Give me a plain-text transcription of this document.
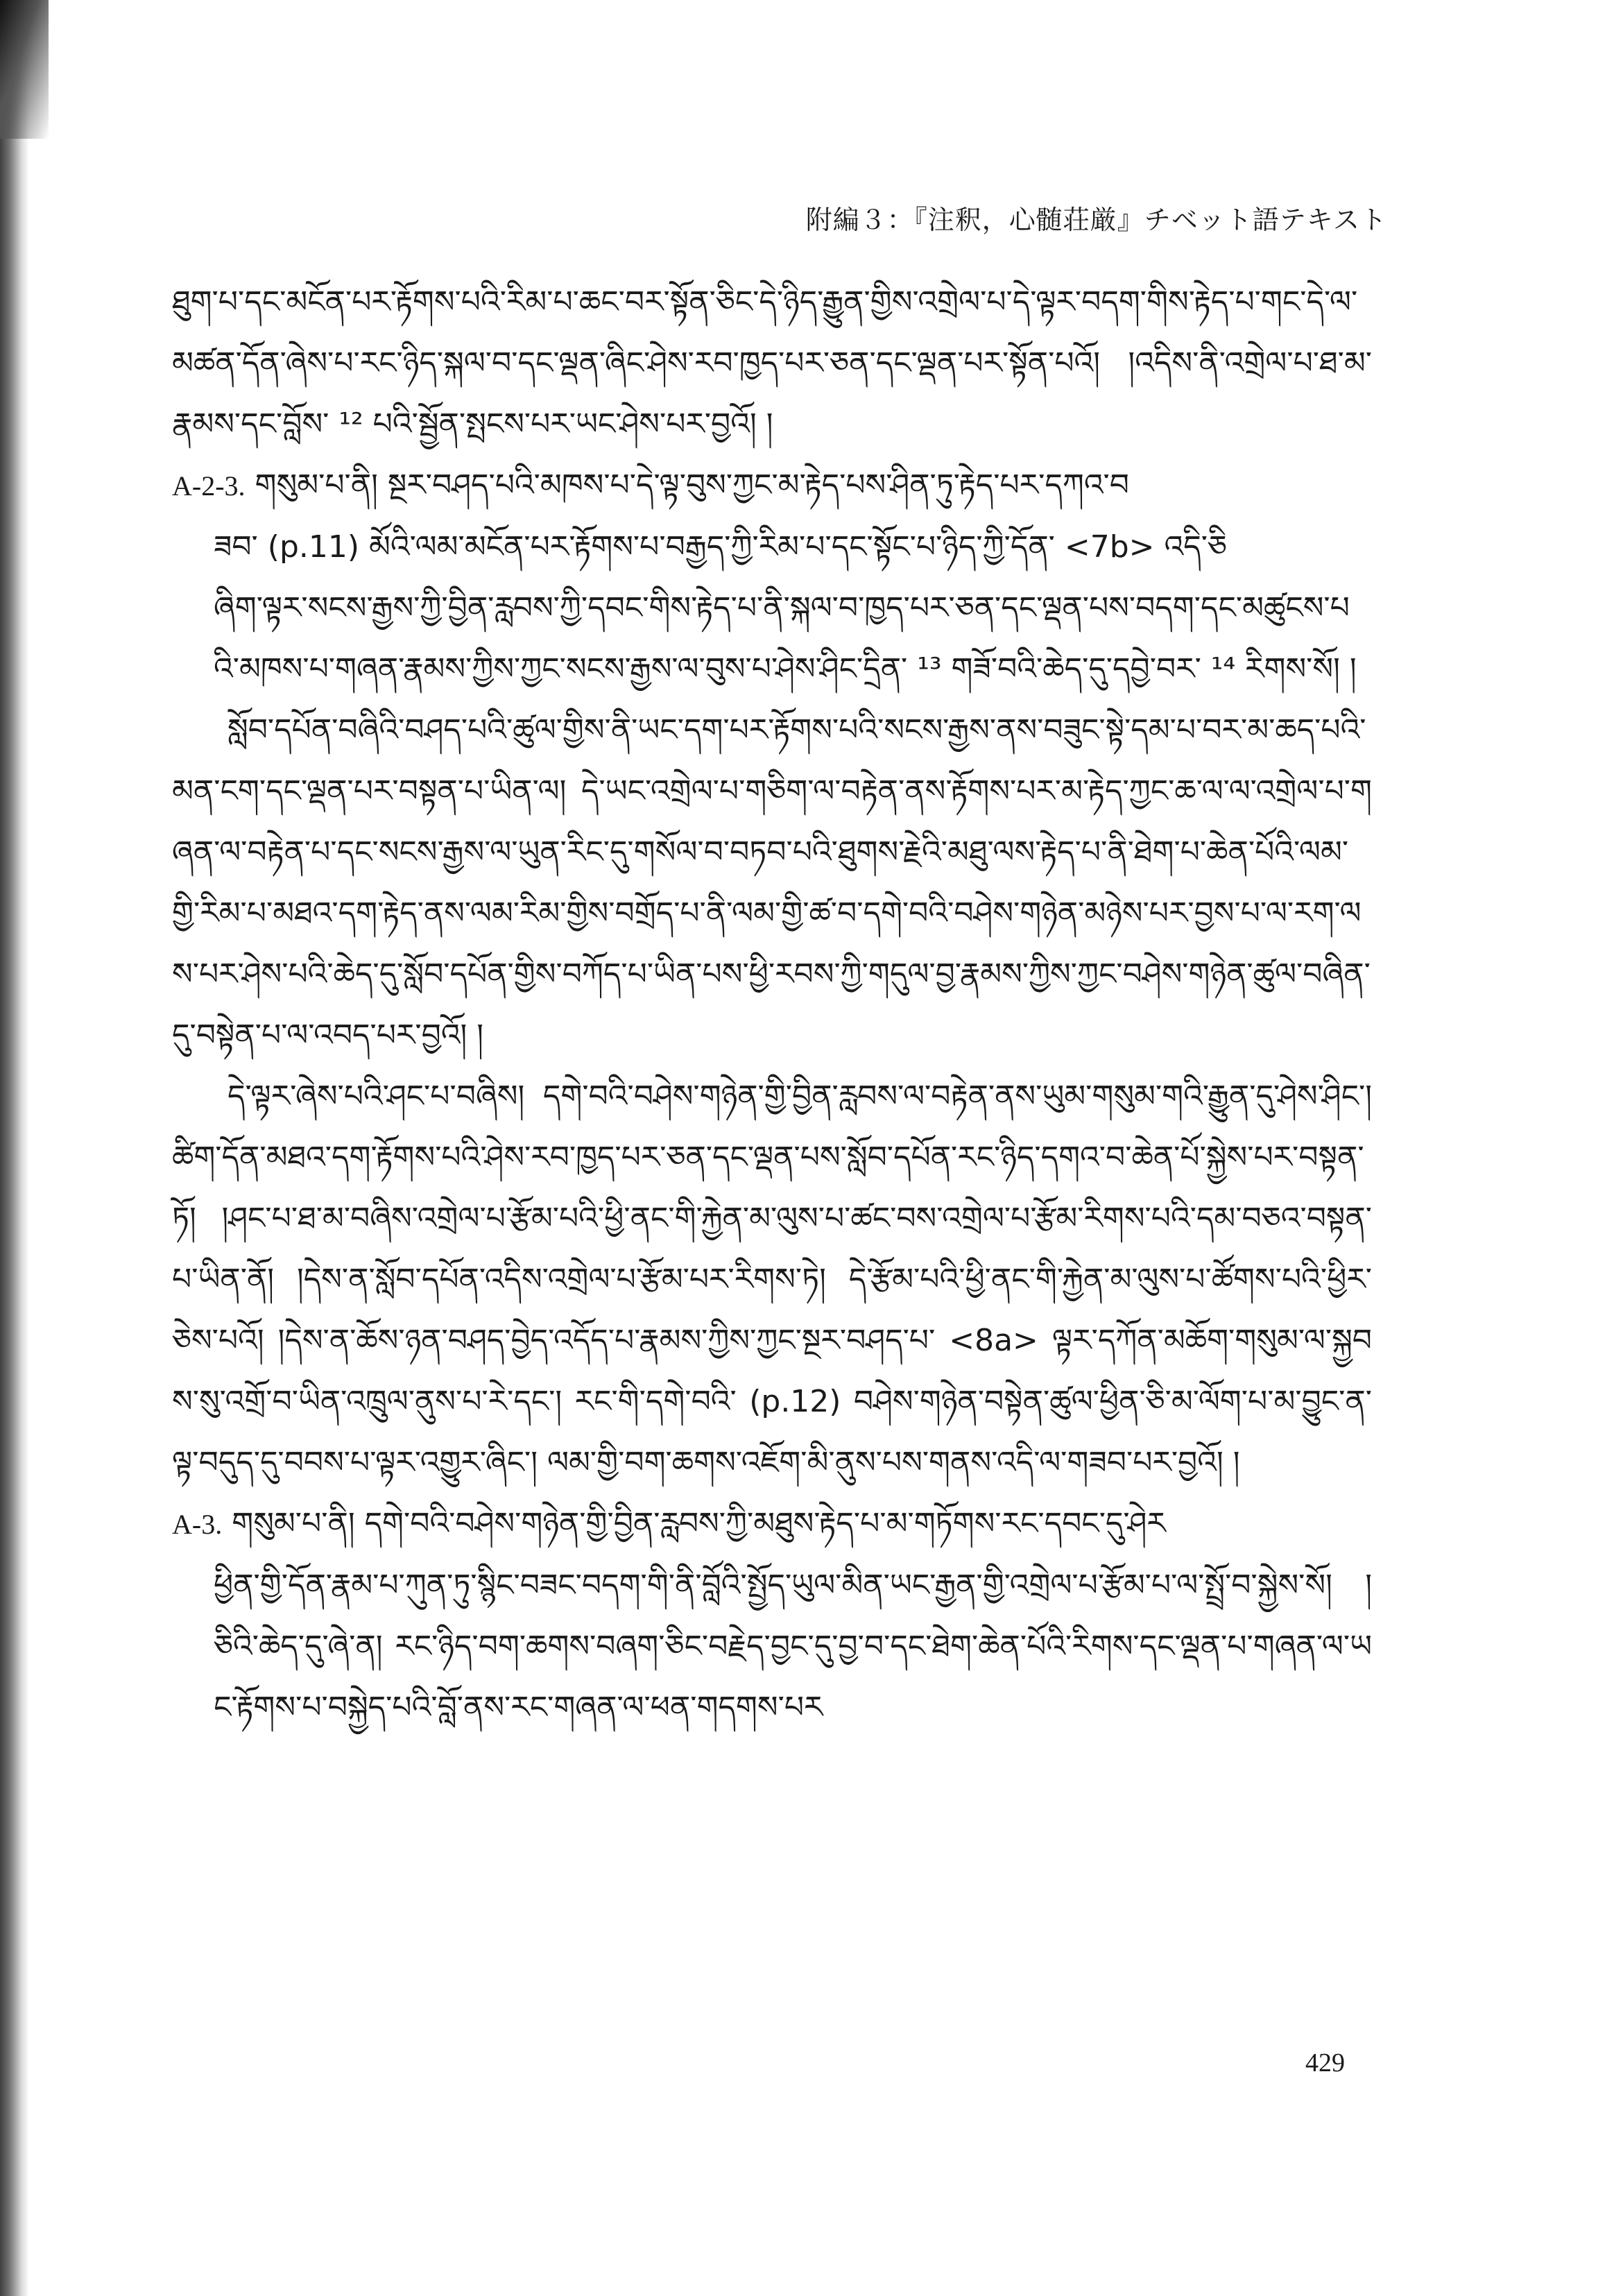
附編３：『注釈，心髄荘厳』チベット語テキスト

ཐུག་པ་དང་མངོན་པར་རྟོགས་པའི་རིམ་པ་ཆང་བར་སྟོན་ཅིང་དེ་ཉིད་རྒྱུན་གྱིས་འགྲེལ་པ་དེ་ལྟར་བདག་གིས་རྟེད་པ་གང་དེ་ལ་མཚན་དོན་ཞེས་པ་རང་ཉིད་སྐལ་བ་དང་ལྡན་ཞིང་ཤེས་རབ་ཁྱད་པར་ཅན་དང་ལྡན་པར་སྟོན་པའོ། །འདིས་ནི་འགྲེལ་པ་ཐ་མ་རྣམས་དང་བློས་ ¹² པའི་སྦྱོན་སྤངས་པར་ཡང་ཤེས་པར་བྱའོ། །

A-2-3. གསུམ་པ་ནི། སྔར་བཤད་པའི་མཁས་པ་དེ་ལྟ་བུས་ཀྱང་མ་རྟེད་པས་ཤིན་ཏུ་རྟེད་པར་དཀའ་བ

ཟབ་ (p.11) མོའི་ལམ་མངོན་པར་རྟོགས་པ་བརྒྱད་ཀྱི་རིམ་པ་དང་སྟོང་པ་ཉིད་ཀྱི་དོན་ <7b> འདི་ཅི

ཞིག་ལྟར་སངས་རྒྱས་ཀྱི་བྱིན་རླབས་ཀྱི་དབང་གིས་རྟེད་པ་ནི་སྐལ་བ་ཁྱད་པར་ཅན་དང་ལྡན་པས་བདག་དང་མཚུངས་པའི་མཁས་པ་གཞན་རྣམས་ཀྱིས་ཀྱང་སངས་རྒྱས་ལ་བུས་པ་ཤེས་ཤིང་དྲིན་ ¹³ གཟོ་བའི་ཆེད་དུ་དབྱེ་བར་ ¹⁴ རིགས་སོ། །

སློབ་དཔོན་བཞིའི་བཤད་པའི་ཚུལ་གྱིས་ནི་ཡང་དག་པར་རྟོགས་པའི་སངས་རྒྱས་ནས་བཟུང་སྟེ་དམ་པ་བར་མ་ཆད་པའི་མན་ངག་དང་ལྡན་པར་བསྟན་པ་ཡིན་ལ། དེ་ཡང་འགྲེལ་པ་གཅིག་ལ་བརྟེན་ནས་རྟོགས་པར་མ་རྟེད་ཀྱང་ཆ་ལ་ལ་འགྲེལ་པ་གཞན་ལ་བརྟེན་པ་དང་སངས་རྒྱས་ལ་ཡུན་རིང་དུ་གསོལ་བ་བཏབ་པའི་ཐུགས་རྗེའི་མཐུ་ལས་རྟེད་པ་ནི་ཐེག་པ་ཆེན་པོའི་ལམ་གྱི་རིམ་པ་མཐའ་དག་རྟེད་ནས་ལམ་རིམ་གྱིས་བགྲོད་པ་ནི་ལམ་གྱི་ཚ་བ་དགེ་བའི་བཤེས་གཉེན་མཉེས་པར་བྱས་པ་ལ་རག་ལས་པར་ཤེས་པའི་ཆེད་དུ་སློབ་དཔོན་གྱིས་བཀོད་པ་ཡིན་པས་ཕྱི་རབས་ཀྱི་གདུལ་བྱ་རྣམས་ཀྱིས་ཀྱང་བཤེས་གཉེན་ཚུལ་བཞིན་དུ་བསྟེན་པ་ལ་འབད་པར་བྱའོ། །

དེ་ལྟར་ཞེས་པའི་ཤང་པ་བཞིས། དགེ་བའི་བཤེས་གཉེན་གྱི་བྱིན་རླབས་ལ་བརྟེན་ནས་ཡུམ་གསུམ་གའི་རྒྱུན་དུ་ཤེས་ཤིང་། ཚིག་དོན་མཐའ་དག་རྟོགས་པའི་ཤེས་རབ་ཁྱད་པར་ཅན་དང་ལྡན་པས་སློབ་དཔོན་རང་ཉིད་དགའ་བ་ཆེན་པོ་སྐྱེས་པར་བསྟན་ཏོ། །ཤང་པ་ཐ་མ་བཞིས་འགྲེལ་པ་རྩོམ་པའི་ཕྱི་ནང་གི་རྐྱེན་མ་ལུས་པ་ཚང་བས་འགྲེལ་པ་རྩོམ་རིགས་པའི་དམ་བཅའ་བསྟན་པ་ཡིན་ནོ། །དེས་ན་སློབ་དཔོན་འདིས་འགྲེལ་པ་རྩོམ་པར་རིགས་ཏེ། དེ་རྩོམ་པའི་ཕྱི་ནང་གི་རྐྱེན་མ་ལུས་པ་ཚོགས་པའི་ཕྱིར་ཅེས་པའོ། །དེས་ན་ཆོས་ཉན་བཤད་བྱེད་འདོད་པ་རྣམས་ཀྱིས་ཀྱང་སྔར་བཤད་པ་ <8a> ལྟར་དཀོན་མཆོག་གསུམ་ལ་སྐྱབས་སུ་འགྲོ་བ་ཡིན་འཁྲུལ་ནུས་པ་རེ་དང་། རང་གི་དགེ་བའི་ (p.12) བཤེས་གཉེན་བསྟེན་ཚུལ་ཕྱིན་ཅི་མ་ལོག་པ་མ་བྱུང་ན་ལྟ་བདུད་དུ་བབས་པ་ལྟར་འགྱུར་ཞིང་། ལམ་གྱི་བག་ཆགས་འཇོག་མི་ནུས་པས་གནས་འདི་ལ་གཟབ་པར་བྱའོ། །

A-3. གསུམ་པ་ནི། དགེ་བའི་བཤེས་གཉེན་གྱི་བྱིན་རླབས་ཀྱི་མཐུས་རྟེད་པ་མ་གཏོགས་རང་དབང་དུ་ཤེར

ཕྱིན་གྱི་དོན་རྣམ་པ་ཀུན་ཏུ་སྙིང་བཟང་བདག་གི་ནི་བློའི་སྤྱོད་ཡུལ་མིན་ཡང་རྒྱན་གྱི་འགྲེལ་པ་རྩོམ་པ་ལ་སྤྲོ་བ་སྐྱེས་སོ། །ཅིའི་ཆེད་དུ་ཞེ་ན། རང་ཉིད་བག་ཆགས་བཞག་ཅིང་བརྗེད་བྱང་དུ་བྱ་བ་དང་ཐེག་ཆེན་པོའི་རིགས་དང་ལྡན་པ་གཞན་ལ་ཡང་རྟོགས་པ་བསྐྱེད་པའི་བློ་ནས་རང་གཞན་ལ་ཕན་གདགས་པར

429
